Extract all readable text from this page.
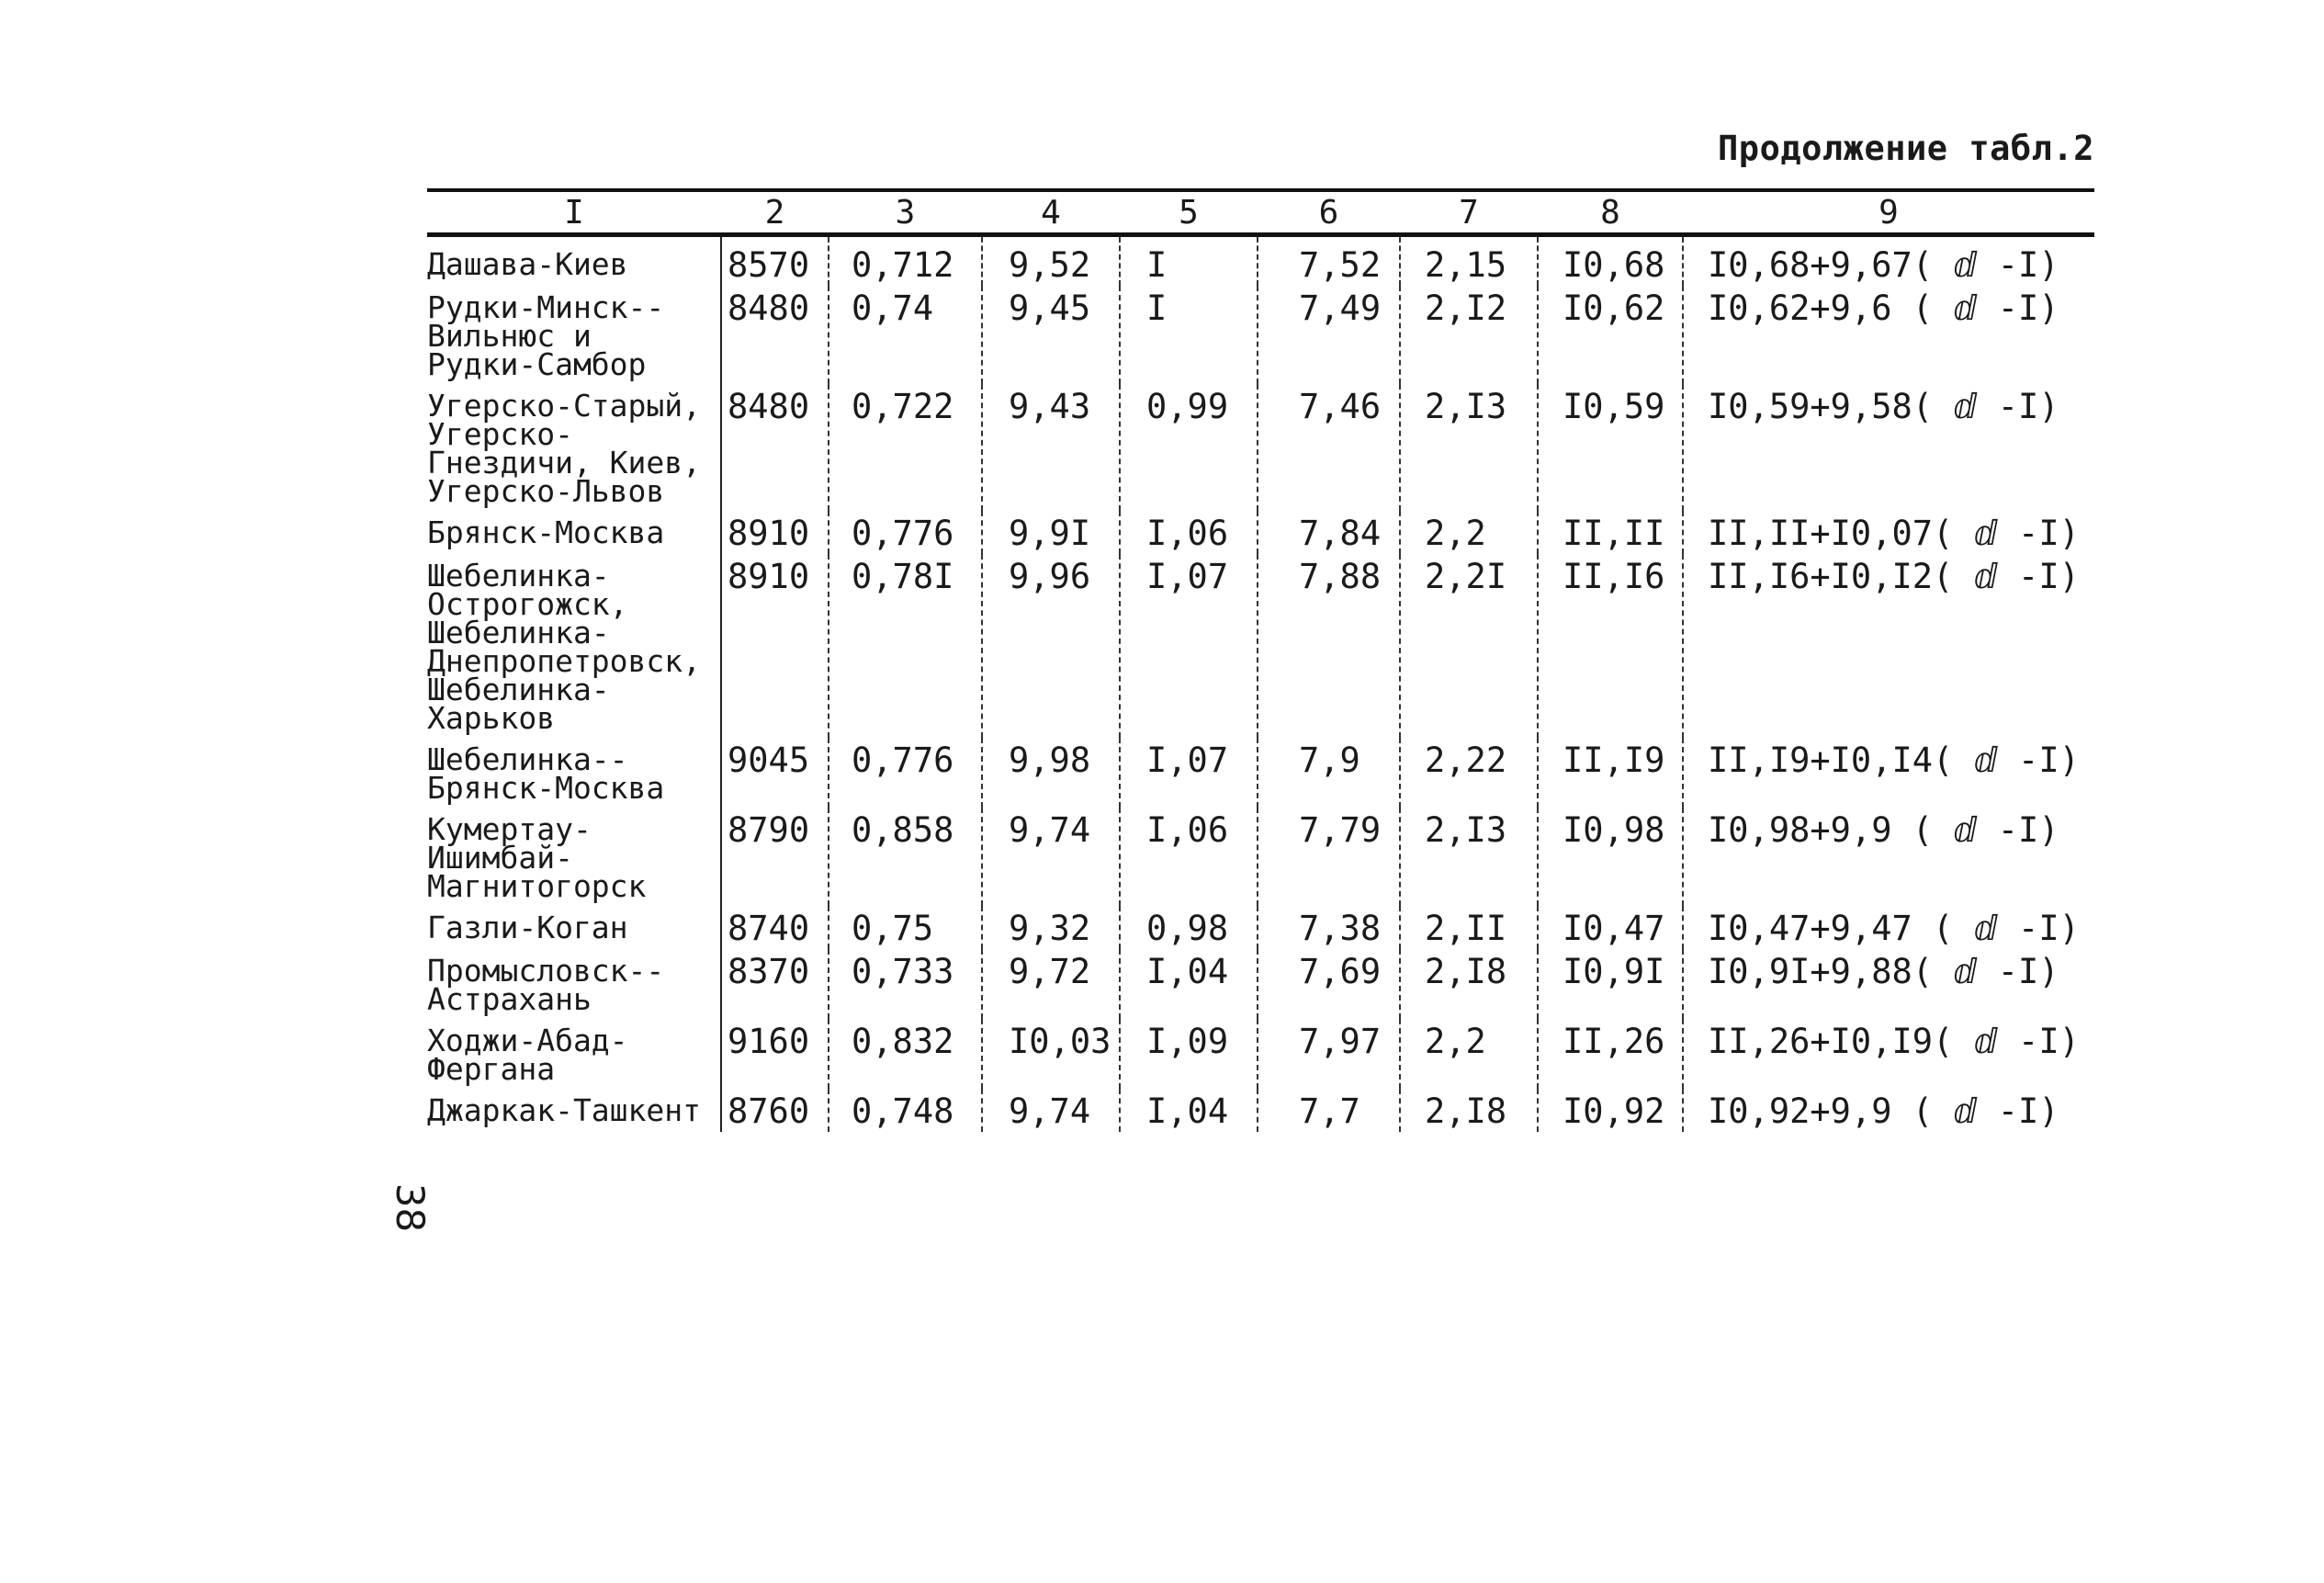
Продолжение табл.2
I	2	3	4	5	6	7	8	9
Дашава-Киев	8570	0,712	9,52	I	7,52	2,15	I0,68	I0,68+9,67( ⅆ -I)
Рудки-Минск--Вильнюс и Рудки-Самбор	8480	0,74	9,45	I	7,49	2,I2	I0,62	I0,62+9,6 ( ⅆ -I)
Угерско-Старый, Угерско-Гнездичи, Киев, Угерско-Львов	8480	0,722	9,43	0,99	7,46	2,I3	I0,59	I0,59+9,58( ⅆ -I)
Брянск-Москва	8910	0,776	9,9I	I,06	7,84	2,2	II,II	II,II+I0,07( ⅆ -I)
Шебелинка-Острогожск, Шебелинка-Днепропетровск, Шебелинка-Харьков	8910	0,78I	9,96	I,07	7,88	2,2I	II,I6	II,I6+I0,I2( ⅆ -I)
Шебелинка--Брянск-Москва	9045	0,776	9,98	I,07	7,9	2,22	II,I9	II,I9+I0,I4( ⅆ -I)
Кумертау-Ишимбай-Магнитогорск	8790	0,858	9,74	I,06	7,79	2,I3	I0,98	I0,98+9,9 ( ⅆ -I)
Газли-Коган	8740	0,75	9,32	0,98	7,38	2,II	I0,47	I0,47+9,47 ( ⅆ -I)
Промысловск--Астрахань	8370	0,733	9,72	I,04	7,69	2,I8	I0,9I	I0,9I+9,88( ⅆ -I)
Ходжи-Абад-Фергана	9160	0,832	I0,03	I,09	7,97	2,2	II,26	II,26+I0,I9( ⅆ -I)
Джаркак-Ташкент	8760	0,748	9,74	I,04	7,7	2,I8	I0,92	I0,92+9,9 ( ⅆ -I)
38
